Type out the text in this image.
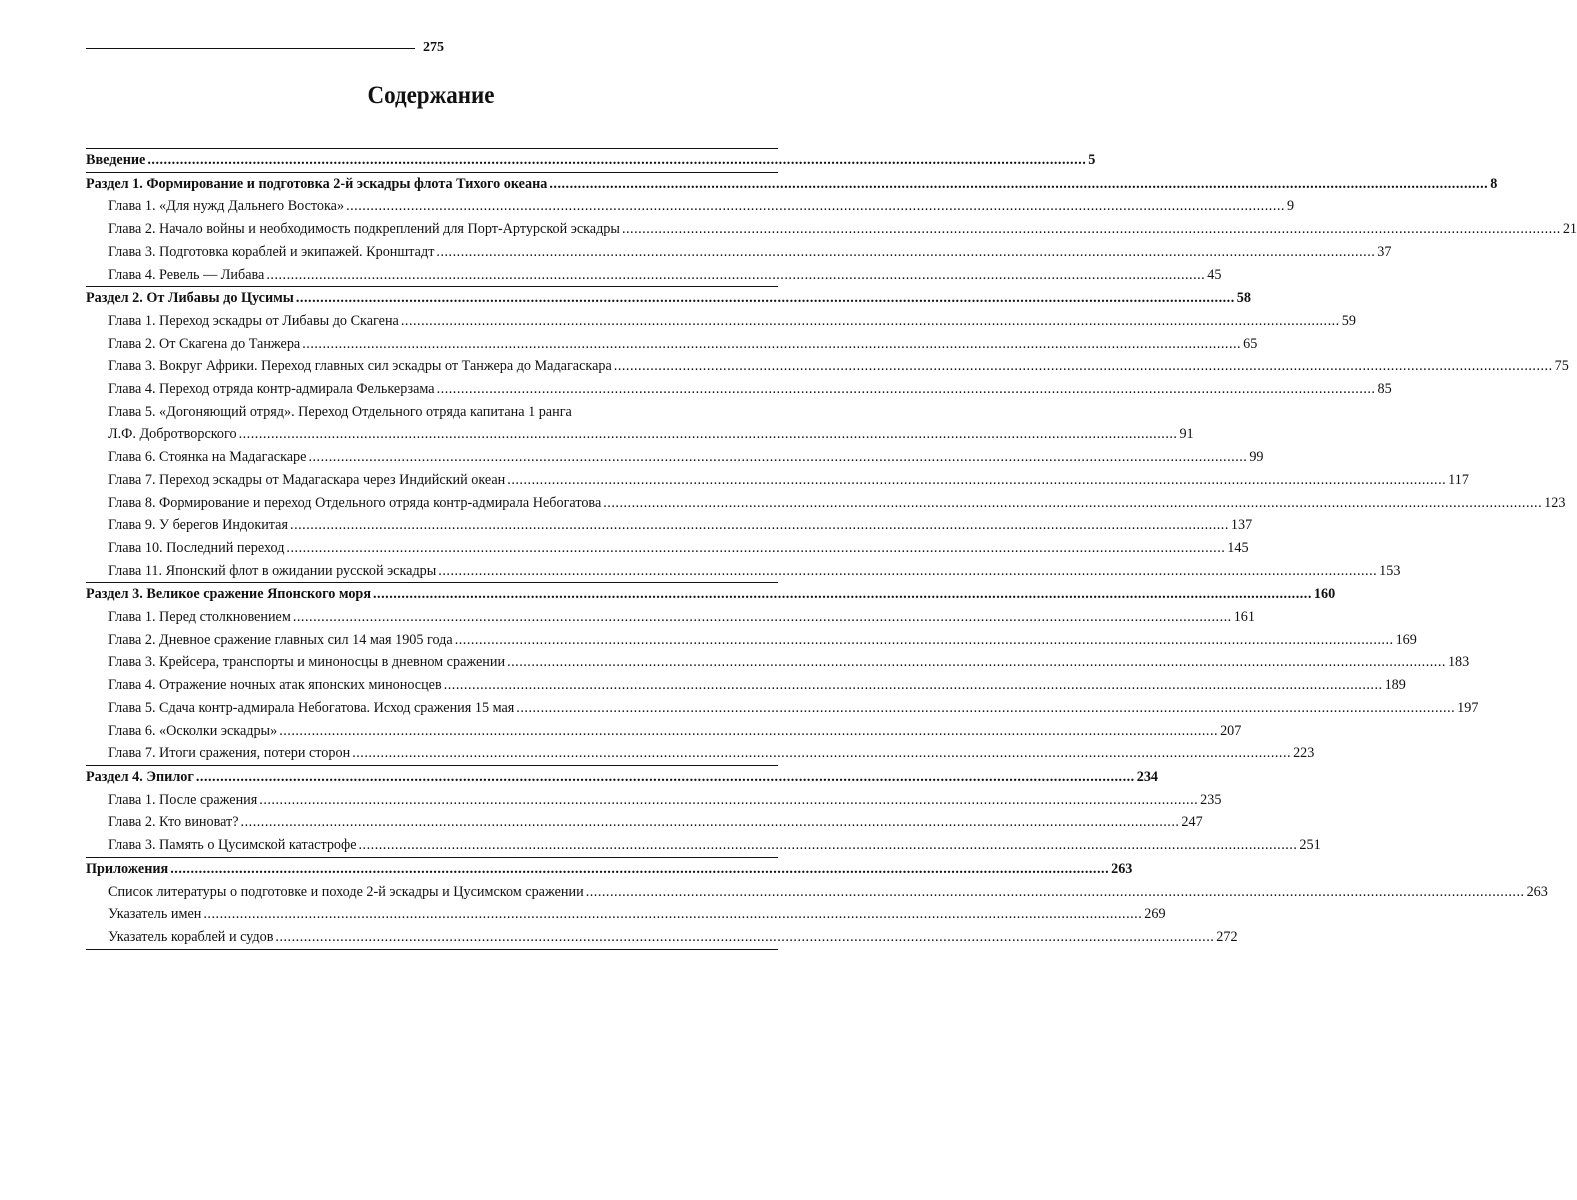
275
Содержание
Введение .....	5
Раздел 1. Формирование и подготовка 2-й эскадры флота Тихого океана .....	8
Глава 1. «Для нужд Дальнего Востока» .....	9
Глава 2. Начало войны и необходимость подкреплений для Порт-Артурской эскадры .....	21
Глава 3. Подготовка кораблей и экипажей. Кронштадт .....	37
Глава 4. Ревель — Либава .....	45
Раздел 2. От Либавы до Цусимы .....	58
Глава 1. Переход эскадры от Либавы до Скагена .....	59
Глава 2. От Скагена до Танжера .....	65
Глава 3. Вокруг Африки. Переход главных сил эскадры от Танжера до Мадагаскара .....	75
Глава 4. Переход отряда контр-адмирала Фелькерзама .....	85
Глава 5. «Догоняющий отряд». Переход Отдельного отряда капитана 1 ранга
Л.Ф. Добротворского .....	91
Глава 6. Стоянка на Мадагаскаре .....	99
Глава 7. Переход эскадры от Мадагаскара через Индийский океан .....	117
Глава 8. Формирование и переход Отдельного отряда контр-адмирала Небогатова .....	123
Глава 9. У берегов Индокитая .....	137
Глава 10. Последний переход .....	145
Глава 11. Японский флот в ожидании русской эскадры .....	153
Раздел 3. Великое сражение Японского моря .....	160
Глава 1. Перед столкновением .....	161
Глава 2. Дневное сражение главных сил 14 мая 1905 года .....	169
Глава 3. Крейсера, транспорты и миноносцы в дневном сражении .....	183
Глава 4. Отражение ночных атак японских миноносцев .....	189
Глава 5. Сдача контр-адмирала Небогатова. Исход сражения 15 мая .....	197
Глава 6. «Осколки эскадры» .....	207
Глава 7. Итоги сражения, потери сторон .....	223
Раздел 4. Эпилог .....	234
Глава 1. После сражения .....	235
Глава 2. Кто виноват? .....	247
Глава 3. Память о Цусимской катастрофе .....	251
Приложения .....	263
Список литературы о подготовке и походе 2-й эскадры и Цусимском сражении .....	263
Указатель имен .....	269
Указатель кораблей и судов .....	272
